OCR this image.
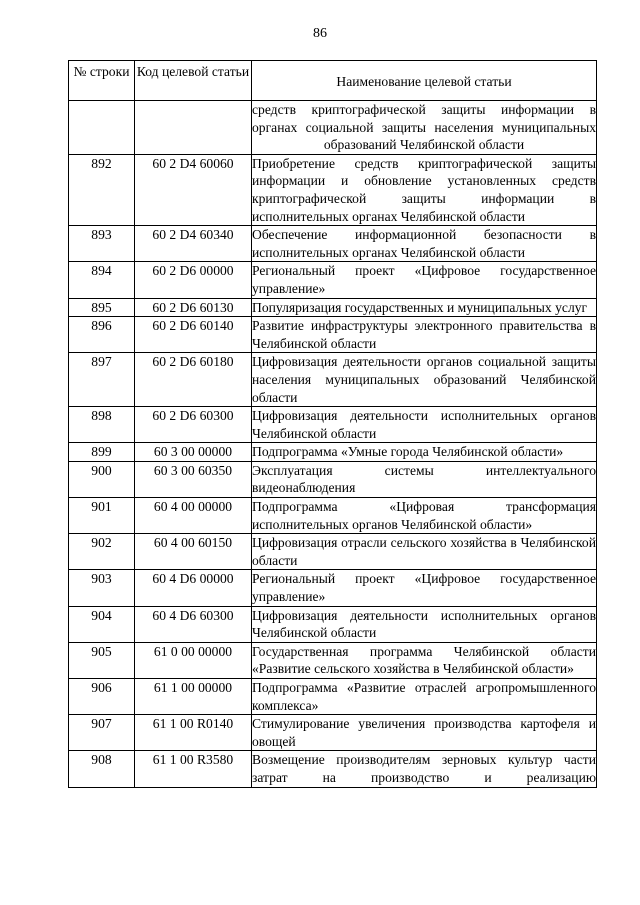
86
№ строки	Код целевой статьи	Наименование целевой статьи
		средств криптографической защиты информации в органах социальной защиты населения муниципальных образований Челябинской области
892	60 2 D4 60060	Приобретение средств криптографической защиты информации и обновление установленных средств криптографической защиты информации в исполнительных органах Челябинской области
893	60 2 D4 60340	Обеспечение информационной безопасности в исполнительных органах Челябинской области
894	60 2 D6 00000	Региональный проект «Цифровое государственное управление»
895	60 2 D6 60130	Популяризация государственных и муниципальных услуг
896	60 2 D6 60140	Развитие инфраструктуры электронного правительства в Челябинской области
897	60 2 D6 60180	Цифровизация деятельности органов социальной защиты населения муниципальных образований Челябинской области
898	60 2 D6 60300	Цифровизация деятельности исполнительных органов Челябинской области
899	60 3 00 00000	Подпрограмма «Умные города Челябинской области»
900	60 3 00 60350	Эксплуатация системы интеллектуального видеонаблюдения
901	60 4 00 00000	Подпрограмма «Цифровая трансформация исполнительных органов Челябинской области»
902	60 4 00 60150	Цифровизация отрасли сельского хозяйства в Челябинской области
903	60 4 D6 00000	Региональный проект «Цифровое государственное управление»
904	60 4 D6 60300	Цифровизация деятельности исполнительных органов Челябинской области
905	61 0 00 00000	Государственная программа Челябинской области «Развитие сельского хозяйства в Челябинской области»
906	61 1 00 00000	Подпрограмма «Развитие отраслей агропромышленного комплекса»
907	61 1 00 R0140	Стимулирование увеличения производства картофеля и овощей
908	61 1 00 R3580	Возмещение производителям зерновых культур части затрат на производство и реализацию
